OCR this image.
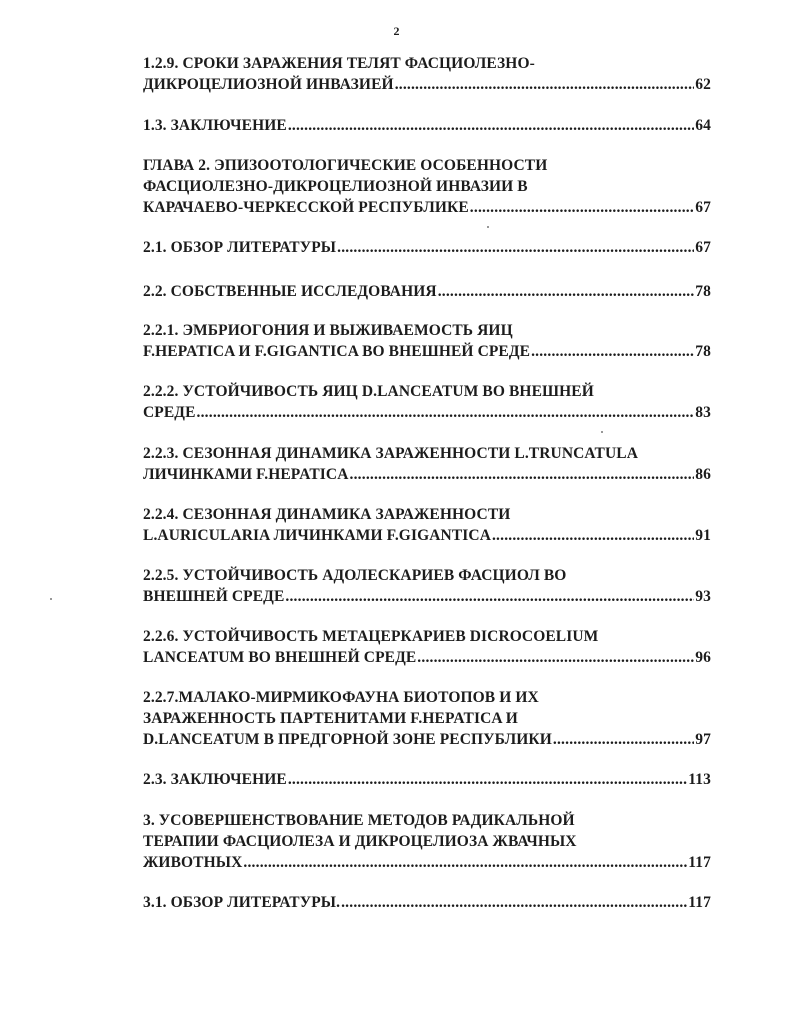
2
1.2.9. СРОКИ ЗАРАЖЕНИЯ ТЕЛЯТ ФАСЦИОЛЕЗНО-
ДИКРОЦЕЛИОЗНОЙ ИНВАЗИЕЙ .....	62
1.3. ЗАКЛЮЧЕНИЕ .....	64
ГЛАВА 2. ЭПИЗООТОЛОГИЧЕСКИЕ ОСОБЕННОСТИ
ФАСЦИОЛЕЗНО-ДИКРОЦЕЛИОЗНОЙ ИНВАЗИИ В
КАРАЧАЕВО-ЧЕРКЕССКОЙ РЕСПУБЛИКЕ .....	67
2.1. ОБЗОР ЛИТЕРАТУРЫ .....	67
2.2. СОБСТВЕННЫЕ ИССЛЕДОВАНИЯ .....	78
2.2.1. ЭМБРИОГОНИЯ И ВЫЖИВАЕМОСТЬ ЯИЦ
F.HEPATICA И F.GIGANTICA ВО ВНЕШНЕЙ СРЕДЕ .....	78
2.2.2. УСТОЙЧИВОСТЬ ЯИЦ D.LANCEATUM ВО ВНЕШНЕЙ
СРЕДЕ .....	83
2.2.3. СЕЗОННАЯ ДИНАМИКА ЗАРАЖЕННОСТИ L.TRUNCATULA
ЛИЧИНКАМИ F.HEPATICA .....	86
2.2.4. СЕЗОННАЯ ДИНАМИКА ЗАРАЖЕННОСТИ
L.AURICULARIA ЛИЧИНКАМИ F.GIGANTICA .....	91
2.2.5. УСТОЙЧИВОСТЬ АДОЛЕСКАРИЕВ ФАСЦИОЛ ВО
ВНЕШНЕЙ СРЕДЕ .....	93
2.2.6. УСТОЙЧИВОСТЬ МЕТАЦЕРКАРИЕВ DICROCOELIUM
LANCEATUM ВО ВНЕШНЕЙ СРЕДЕ .....	96
2.2.7.МАЛАКО-МИРМИКОФАУНА БИОТОПОВ И ИХ
ЗАРАЖЕННОСТЬ ПАРТЕНИТАМИ F.HEPATICA И
D.LANCEATUM В ПРЕДГОРНОЙ ЗОНЕ РЕСПУБЛИКИ .....	97
2.3. ЗАКЛЮЧЕНИЕ .....	113
3. УСОВЕРШЕНСТВОВАНИЕ МЕТОДОВ РАДИКАЛЬНОЙ
ТЕРАПИИ ФАСЦИОЛЕЗА И ДИКРОЦЕЛИОЗА ЖВАЧНЫХ
ЖИВОТНЫХ .....	117
3.1. ОБЗОР ЛИТЕРАТУРЫ. .....	117
